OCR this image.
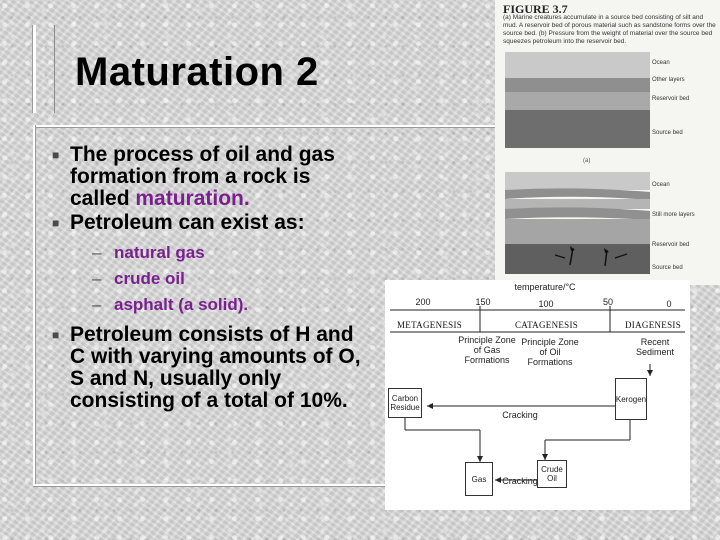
Maturation 2
■ The process of oil and gas formation from a rock is called maturation.
■ Petroleum can exist as:
– natural gas
– crude oil
– asphalt (a solid).
■ Petroleum consists of H and C with varying amounts of O, S and N, usually only consisting of a total of 10%.
FIGURE 3.7
(a) Marine creatures accumulate in a source bed consisting of silt and mud. A reservoir bed of porous material such as sandstone forms over the source bed. (b) Pressure from the weight of material over the source bed squeezes petroleum into the reservoir bed.
Ocean
Other layers
Reservoir bed
Source bed
(a)
Ocean
Still more layers
Reservoir bed
Source bed
temperature/°C
200	150	100	50	0
METAGENESIS	CATAGENESIS	DIAGENESIS
Principle Zone of Gas Formations
Principle Zone of Oil Formations
Recent Sediment
Carbon Residue
Kerogen
Cracking
Gas
Crude Oil
Cracking
